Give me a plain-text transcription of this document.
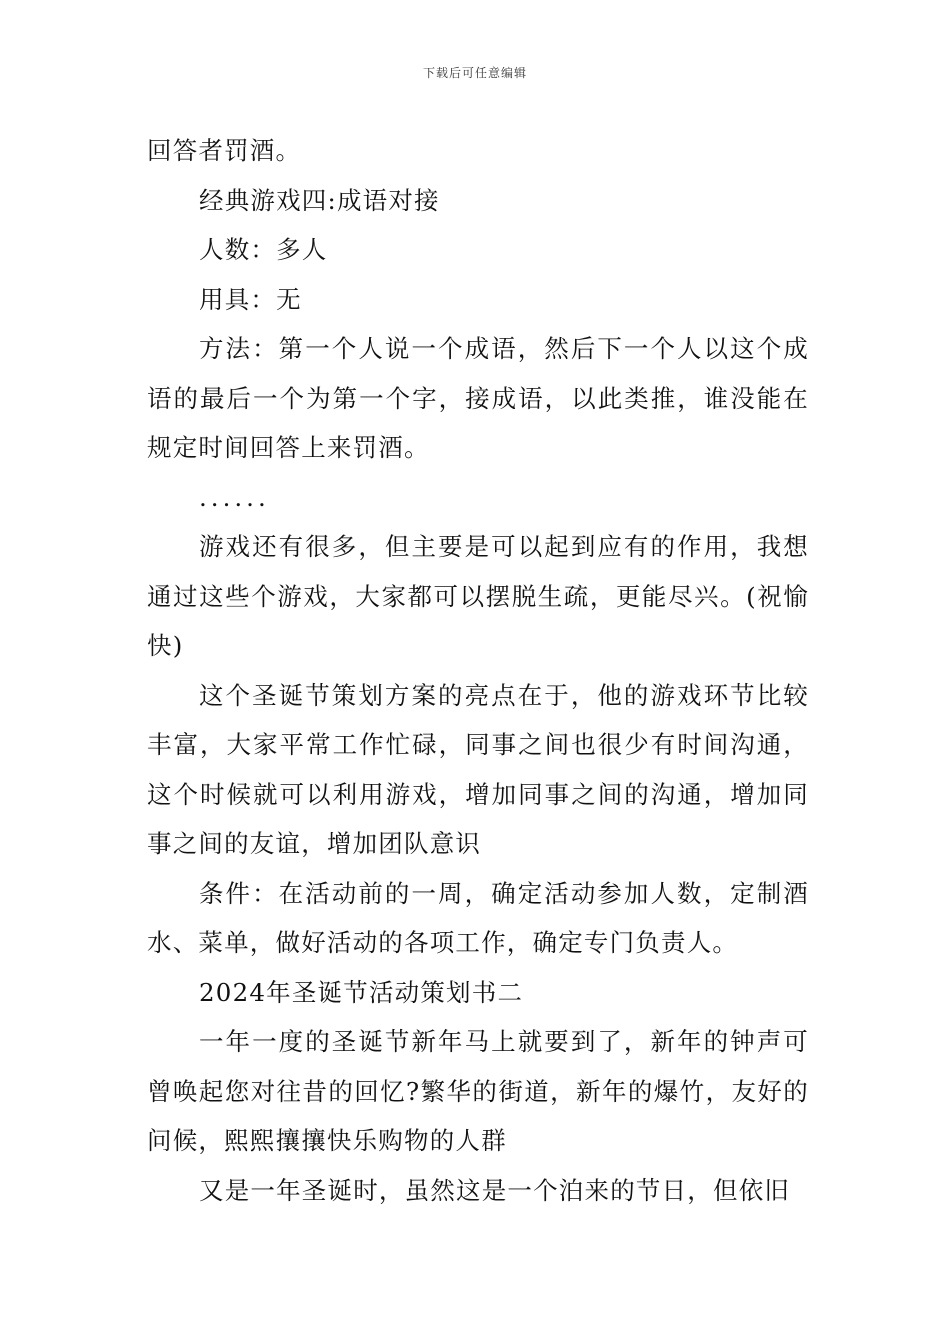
下载后可任意编辑

回答者罚酒。

经典游戏四:成语对接

人数：多人

用具：无

方法：第一个人说一个成语，然后下一个人以这个成语的最后一个为第一个字，接成语，以此类推，谁没能在规定时间回答上来罚酒。

......

游戏还有很多，但主要是可以起到应有的作用，我想通过这些个游戏，大家都可以摆脱生疏，更能尽兴。(祝愉快)

这个圣诞节策划方案的亮点在于，他的游戏环节比较丰富，大家平常工作忙碌，同事之间也很少有时间沟通，这个时候就可以利用游戏，增加同事之间的沟通，增加同事之间的友谊，增加团队意识

条件：在活动前的一周，确定活动参加人数，定制酒水、菜单，做好活动的各项工作，确定专门负责人。

2024年圣诞节活动策划书二

一年一度的圣诞节新年马上就要到了，新年的钟声可曾唤起您对往昔的回忆?繁华的街道，新年的爆竹，友好的问候，熙熙攘攘快乐购物的人群

又是一年圣诞时，虽然这是一个泊来的节日，但依旧
